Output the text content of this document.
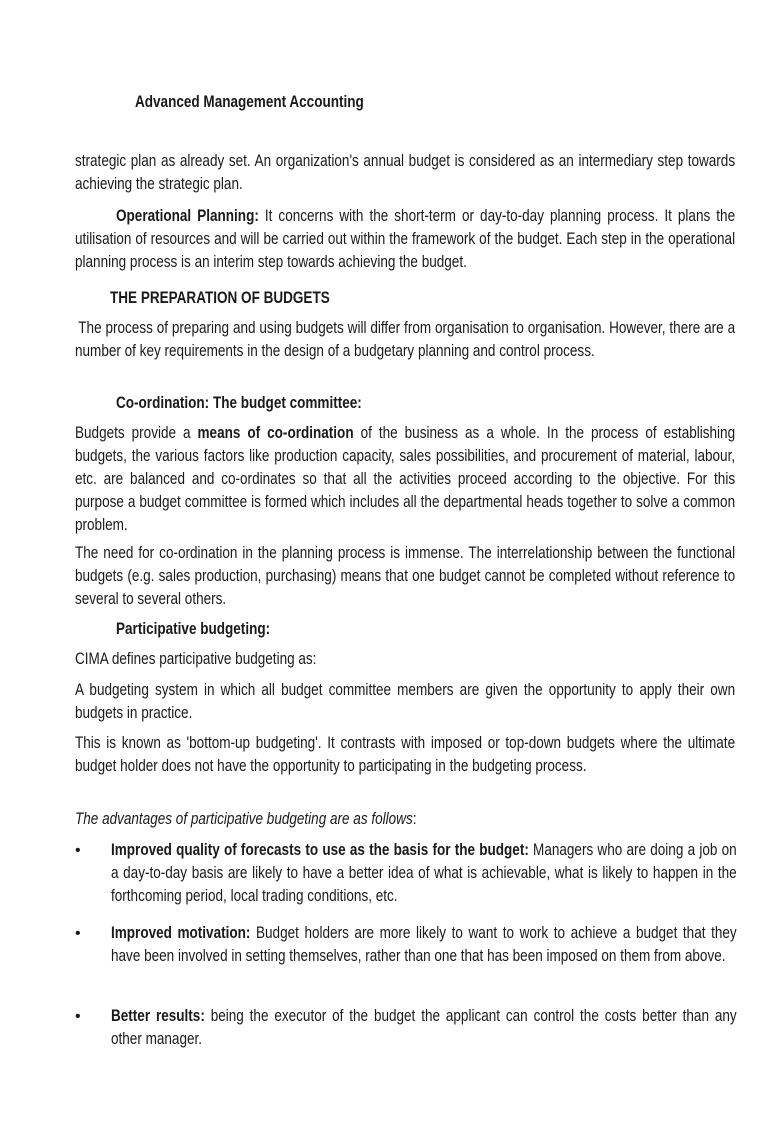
Advanced Management Accounting
strategic plan as already set. An organization's annual budget is considered as an intermediary step towards achieving the strategic plan.
Operational Planning: It concerns with the short-term or day-to-day planning process. It plans the utilisation of resources and will be carried out within the framework of the budget. Each step in the operational planning process is an interim step towards achieving the budget.
THE PREPARATION OF BUDGETS
The process of preparing and using budgets will differ from organisation to organisation. However, there are a number of key requirements in the design of a budgetary planning and control process.
Co-ordination: The budget committee:
Budgets provide a means of co-ordination of the business as a whole. In the process of establishing budgets, the various factors like production capacity, sales possibilities, and procurement of material, labour, etc. are balanced and co-ordinates so that all the activities proceed according to the objective. For this purpose a budget committee is formed which includes all the departmental heads together to solve a common problem.
The need for co-ordination in the planning process is immense. The interrelationship between the functional budgets (e.g. sales production, purchasing) means that one budget cannot be completed without reference to several to several others.
Participative budgeting:
CIMA defines participative budgeting as:
A budgeting system in which all budget committee members are given the opportunity to apply their own budgets in practice.
This is known as 'bottom-up budgeting'. It contrasts with imposed or top-down budgets where the ultimate budget holder does not have the opportunity to participating in the budgeting process.
The advantages of participative budgeting are as follows:
• Improved quality of forecasts to use as the basis for the budget: Managers who are doing a job on a day-to-day basis are likely to have a better idea of what is achievable, what is likely to happen in the forthcoming period, local trading conditions, etc.
• Improved motivation: Budget holders are more likely to want to work to achieve a budget that they have been involved in setting themselves, rather than one that has been imposed on them from above.
• Better results: being the executor of the budget the applicant can control the costs better than any other manager.
